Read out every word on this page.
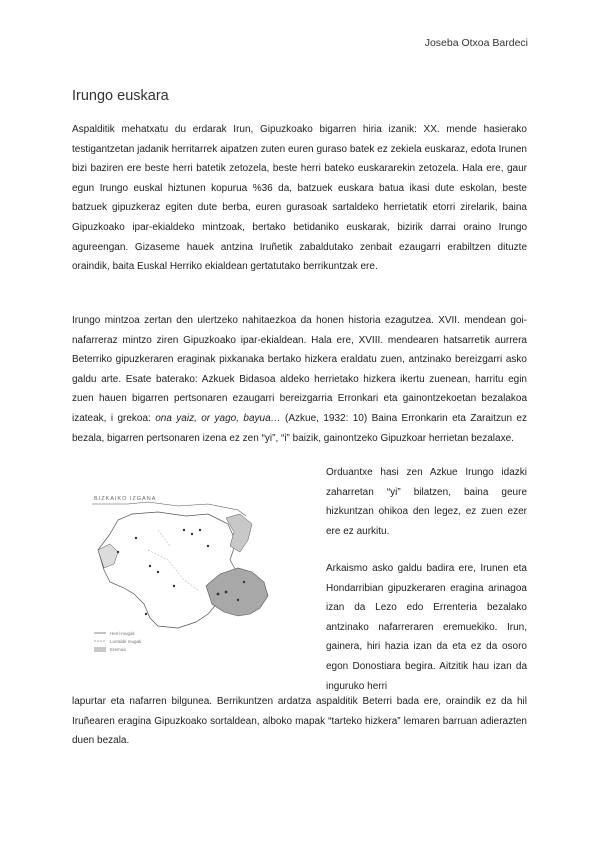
Joseba Otxoa Bardeci
Irungo euskara

Aspalditik mehatxatu du erdarak Irun, Gipuzkoako bigarren hiria izanik: XX. mende hasierako testigantzetan jadanik herritarrek aipatzen zuten euren guraso batek ez zekiela euskaraz, edota Irunen bizi baziren ere beste herri batetik zetozela, beste herri bateko euskararekin zetozela. Hala ere, gaur egun Irungo euskal hiztunen kopurua %36 da, batzuek euskara batua ikasi dute eskolan, beste batzuek gipuzkeraz egiten dute berba, euren gurasoak sartaldeko herrietatik etorri zirelarik, baina Gipuzkoako ipar-ekialdeko mintzoak, bertako betidaniko euskarak, bizirik darrai oraino Irungo agureengan. Gizaseme hauek antzina Iruñetik zabaldutako zenbait ezaugarri erabiltzen dituzte oraindik, baita Euskal Herriko ekialdean gertatutako berrikuntzak ere.

Irungo mintzoa zertan den ulertzeko nahitaezkoa da honen historia ezagutzea. XVII. mendean goi-nafarreraz mintzo ziren Gipuzkoako ipar-ekialdean. Hala ere, XVIII. mendearen hatsarretik aurrera Beterriko gipuzkeraren eraginak pixkanaka bertako hizkera eraldatu zuen, antzinako bereizgarri asko galdu arte. Esate baterako: Azkuek Bidasoa aldeko herrietako hizkera ikertu zuenean, harritu egin zuen hauen bigarren pertsonaren ezaugarri bereizgarria Erronkari eta gainontzekoetan bezalakoa izateak, i grekoa: ona yaiz, or yago, bayua… (Azkue, 1932: 10) Baina Erronkarin eta Zaraitzun ez bezala, bigarren pertsonaren izena ez zen “yi”, “i” baizik, gainontzeko Gipuzkoar herrietan bezalaxe.

Orduantxe hasi zen Azkue Irungo idazki zaharretan “yi” bilatzen, baina geure hizkuntzan ohikoa den legez, ez zuen ezer ere ez aurkitu.

BIZKAIKO IZGANA
Herri-mugak
Lurralde mugak
Eremua

Arkaismo asko galdu badira ere, Irunen eta Hondarribian gipuzkeraren eragina arinagoa izan da Lezo edo Errenteria bezalako antzinako nafarreraren eremuekiko. Irun, gainera, hiri hazia izan da eta ez da osoro egon Donostiara begira. Aitzitik hau izan da inguruko herri

lapurtar eta nafarren bilgunea. Berrikuntzen ardatza aspalditik Beterri bada ere, oraindik ez da hil Iruñearen eragina Gipuzkoako sortaldean, alboko mapak “tarteko hizkera” lemaren barruan adierazten duen bezala.
